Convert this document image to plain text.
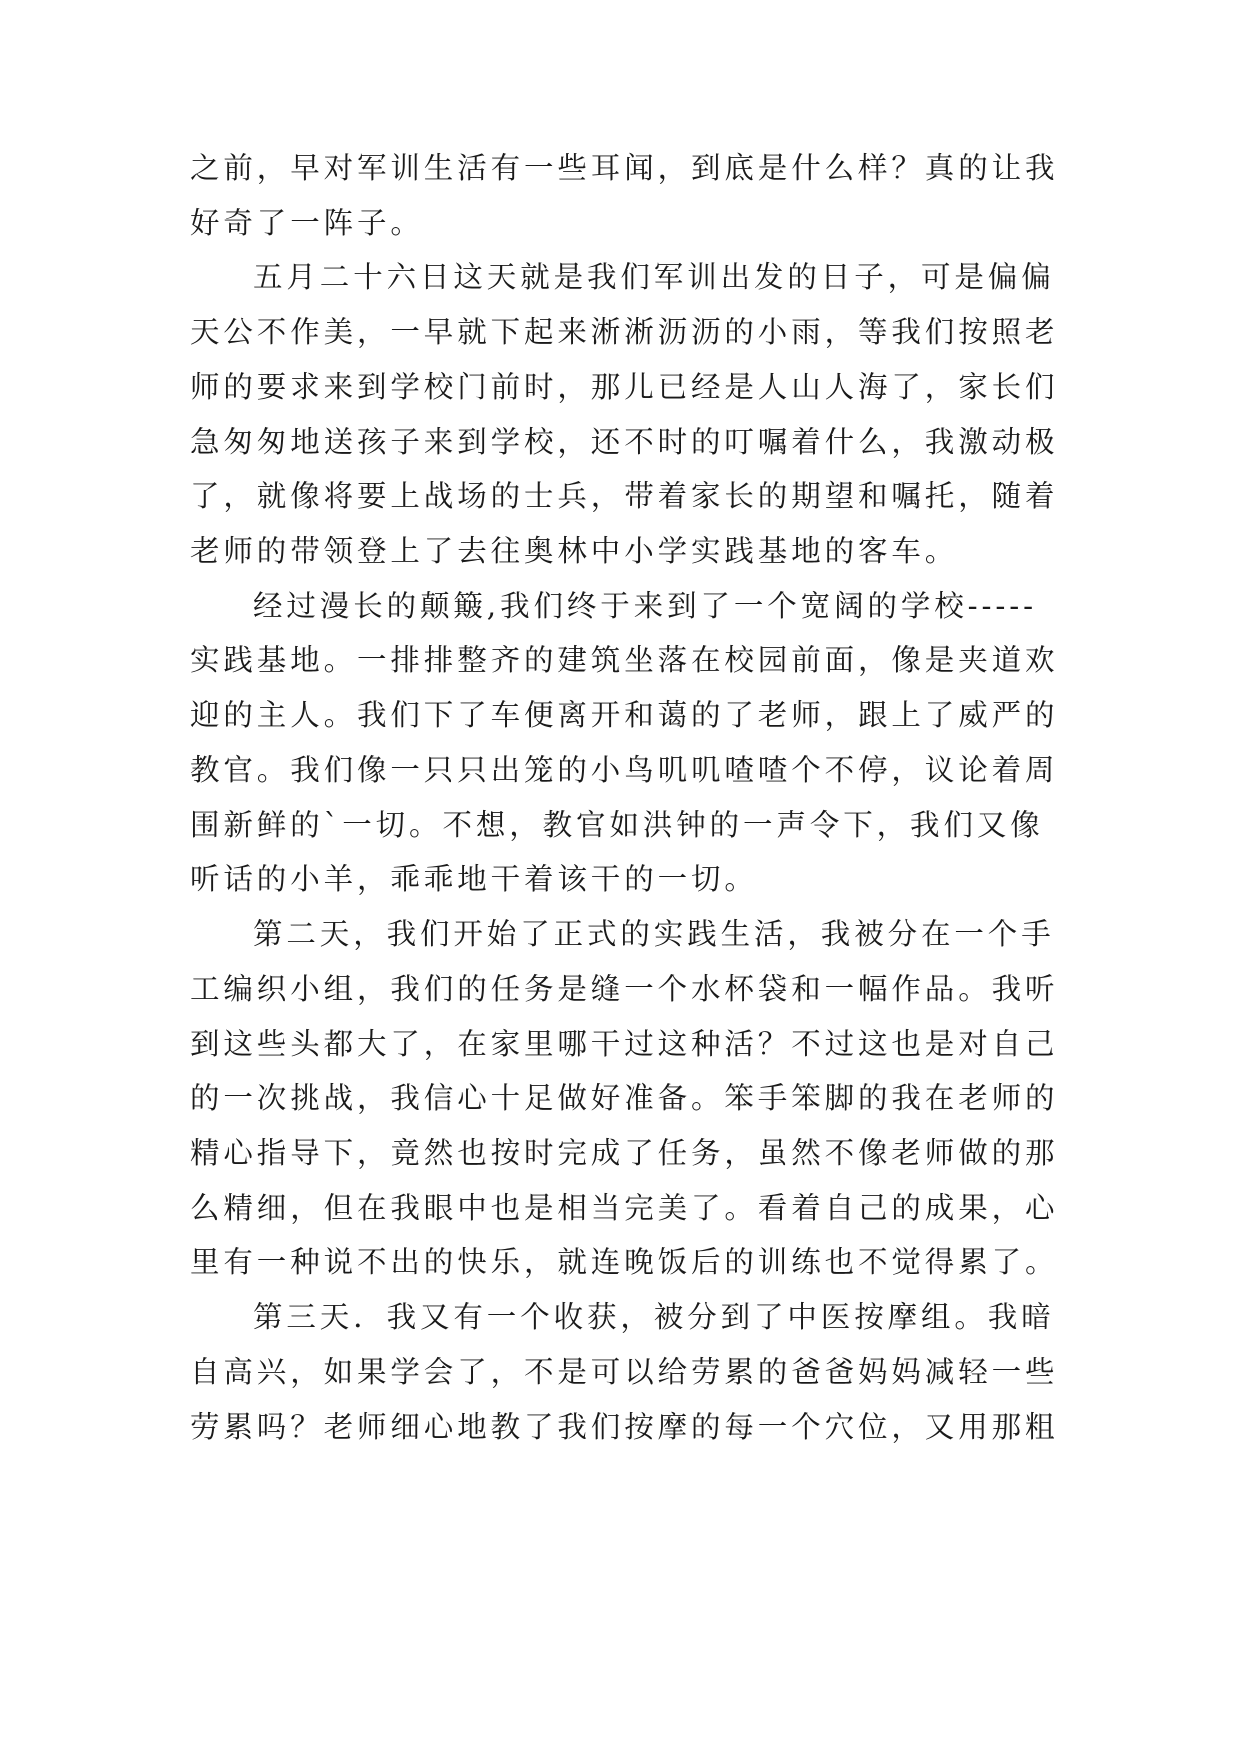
之前，早对军训生活有一些耳闻，到底是什么样？真的让我
好奇了一阵子。
五月二十六日这天就是我们军训出发的日子，可是偏偏
天公不作美，一早就下起来淅淅沥沥的小雨，等我们按照老
师的要求来到学校门前时，那儿已经是人山人海了，家长们
急匆匆地送孩子来到学校，还不时的叮嘱着什么，我激动极
了，就像将要上战场的士兵，带着家长的期望和嘱托，随着
老师的带领登上了去往奥林中小学实践基地的客车。
经过漫长的颠簸,我们终于来到了一个宽阔的学校-----
实践基地。一排排整齐的建筑坐落在校园前面，像是夹道欢
迎的主人。我们下了车便离开和蔼的了老师，跟上了威严的
教官。我们像一只只出笼的小鸟叽叽喳喳个不停，议论着周
围新鲜的`一切。不想，教官如洪钟的一声令下，我们又像
听话的小羊，乖乖地干着该干的一切。
第二天，我们开始了正式的实践生活，我被分在一个手
工编织小组，我们的任务是缝一个水杯袋和一幅作品。我听
到这些头都大了，在家里哪干过这种活？不过这也是对自己
的一次挑战，我信心十足做好准备。笨手笨脚的我在老师的
精心指导下，竟然也按时完成了任务，虽然不像老师做的那
么精细，但在我眼中也是相当完美了。看着自己的成果，心
里有一种说不出的快乐，就连晚饭后的训练也不觉得累了。
第三天．我又有一个收获，被分到了中医按摩组。我暗
自高兴，如果学会了，不是可以给劳累的爸爸妈妈减轻一些
劳累吗？老师细心地教了我们按摩的每一个穴位，又用那粗
